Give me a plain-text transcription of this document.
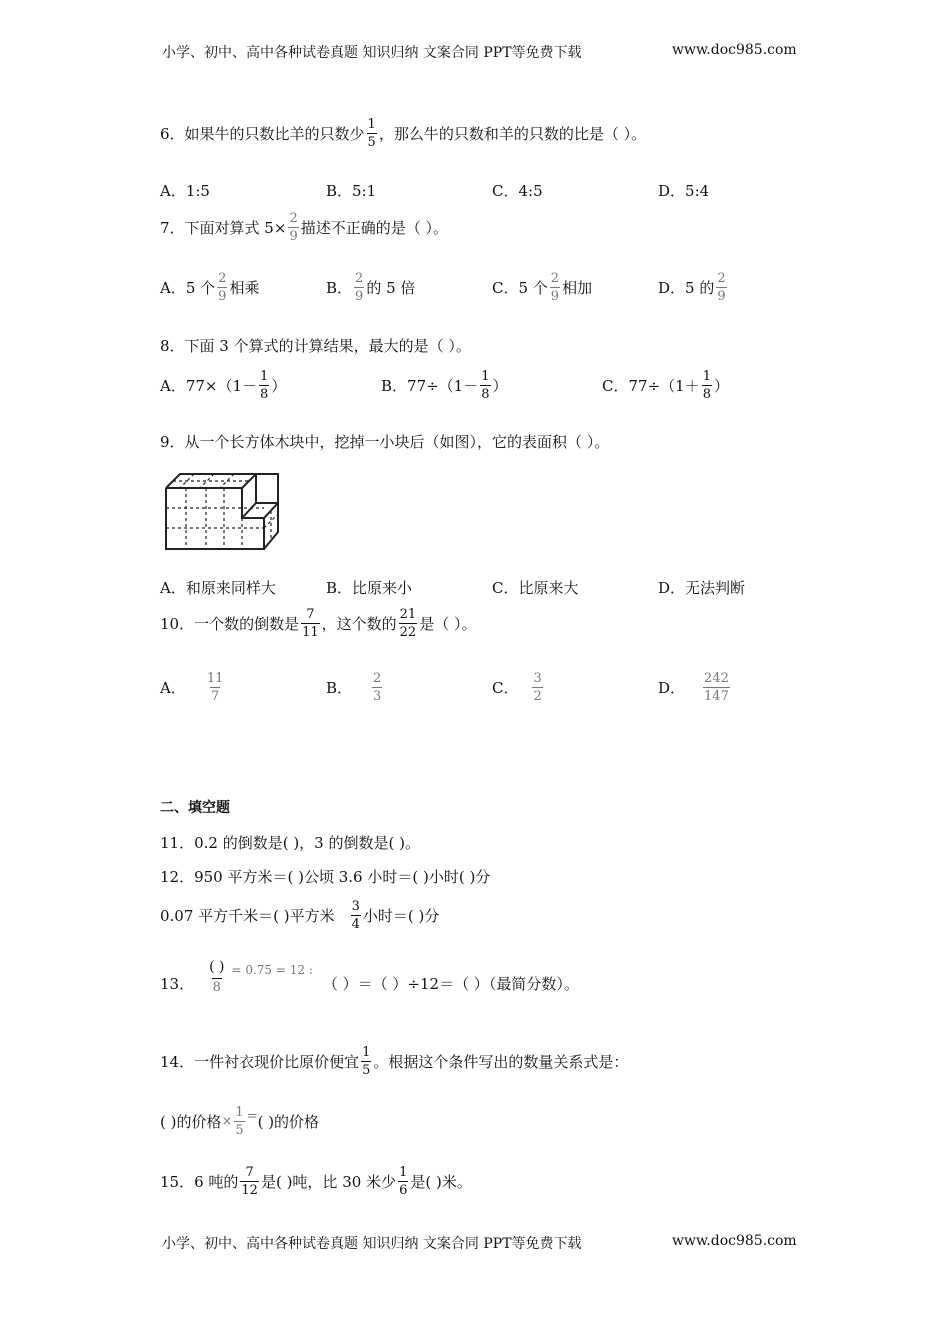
小学、初中、高中各种试卷真题 知识归纳 文案合同 PPT等免费下载	www.doc985.com
6．如果牛的只数比羊的只数少 $\frac{1}{5}$ ，那么牛的只数和羊的只数的比是（ ）。
A．1:5	B．5:1	C．4:5	D．5:4
7．下面对算式 $5\times \frac{2}{9}$ 描述不正确的是（ ）。
A．5 个 $\frac{2}{9}$ 相乘	B． $\frac{2}{9}$ 的 5 倍	C．5 个 $\frac{2}{9}$ 相加	D．5 的 $\frac{2}{9}$
8．下面 3 个算式的计算结果，最大的是（ ）。
A．$77\times(1- \frac{1}{8}$ ）	B．$77\div(1- \frac{1}{8}$ ）	C．$77\div(1+ \frac{1}{8}$ ）
9．从一个长方体木块中，挖掉一小块后（如图），它的表面积（ ）。
A．和原来同样大	B．比原来小	C．比原来大	D．无法判断
10．一个数的倒数是 $\frac{7}{11}$ ，这个数的 $\frac{21}{22}$ 是（ ）。
A． $\frac{11}{7}$	B． $\frac{2}{3}$	C． $\frac{3}{2}$	D． $\frac{242}{147}$
二、填空题
11．0.2 的倒数是( )，3 的倒数是( )。
12．950 平方米＝( )公顷 3.6 小时＝( )小时( )分
0.07 平方千米＝( )平方米 $\frac{3}{4}$ 小时＝( )分
13． $\frac{( )}{8} = 0.75 = 12$ :
（ ）＝（ ）÷12＝（ ）（最简分数）。
14．一件衬衣现价比原价便宜 $\frac{1}{5}$ 。根据这个条件写出的数量关系式是：
( )的价格 × $\frac{1}{5}$ = ( )的价格
15．6 吨的 $\frac{7}{12}$ 是( )吨，比 30 米少 $\frac{1}{6}$ 是( )米。
小学、初中、高中各种试卷真题 知识归纳 文案合同 PPT等免费下载	www.doc985.com
